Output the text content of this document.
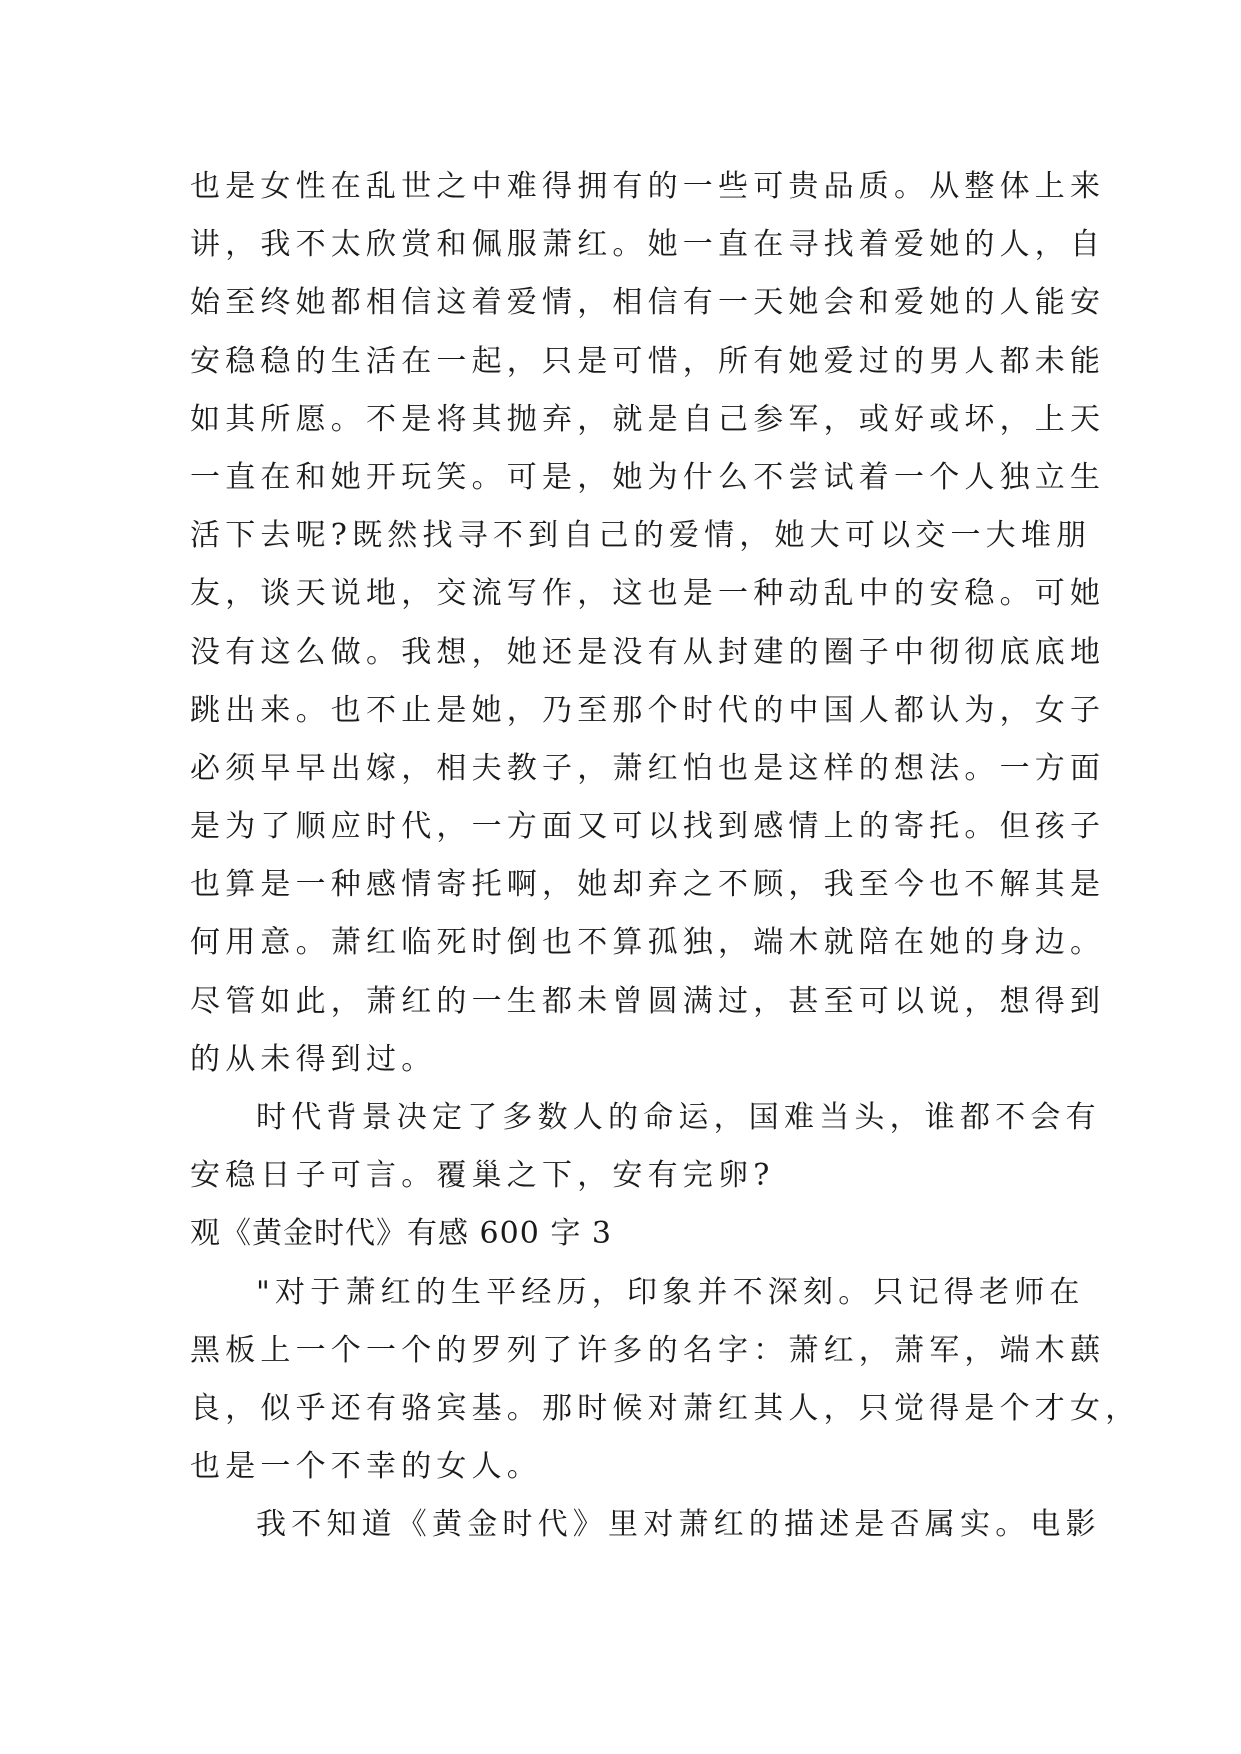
也是女性在乱世之中难得拥有的一些可贵品质。从整体上来
讲，我不太欣赏和佩服萧红。她一直在寻找着爱她的人，自
始至终她都相信这着爱情，相信有一天她会和爱她的人能安
安稳稳的生活在一起，只是可惜，所有她爱过的男人都未能
如其所愿。不是将其抛弃，就是自己参军，或好或坏，上天
一直在和她开玩笑。可是，她为什么不尝试着一个人独立生
活下去呢?既然找寻不到自己的爱情，她大可以交一大堆朋
友，谈天说地，交流写作，这也是一种动乱中的安稳。可她
没有这么做。我想，她还是没有从封建的圈子中彻彻底底地
跳出来。也不止是她，乃至那个时代的中国人都认为，女子
必须早早出嫁，相夫教子，萧红怕也是这样的想法。一方面
是为了顺应时代，一方面又可以找到感情上的寄托。但孩子
也算是一种感情寄托啊，她却弃之不顾，我至今也不解其是
何用意。萧红临死时倒也不算孤独，端木就陪在她的身边。
尽管如此，萧红的一生都未曾圆满过，甚至可以说，想得到
的从未得到过。
时代背景决定了多数人的命运，国难当头，谁都不会有
安稳日子可言。覆巢之下，安有完卵?
观《黄金时代》有感 600 字 3
"对于萧红的生平经历，印象并不深刻。只记得老师在
黑板上一个一个的罗列了许多的名字：萧红，萧军，端木蕻
良，似乎还有骆宾基。那时候对萧红其人，只觉得是个才女，
也是一个不幸的女人。
我不知道《黄金时代》里对萧红的描述是否属实。电影
